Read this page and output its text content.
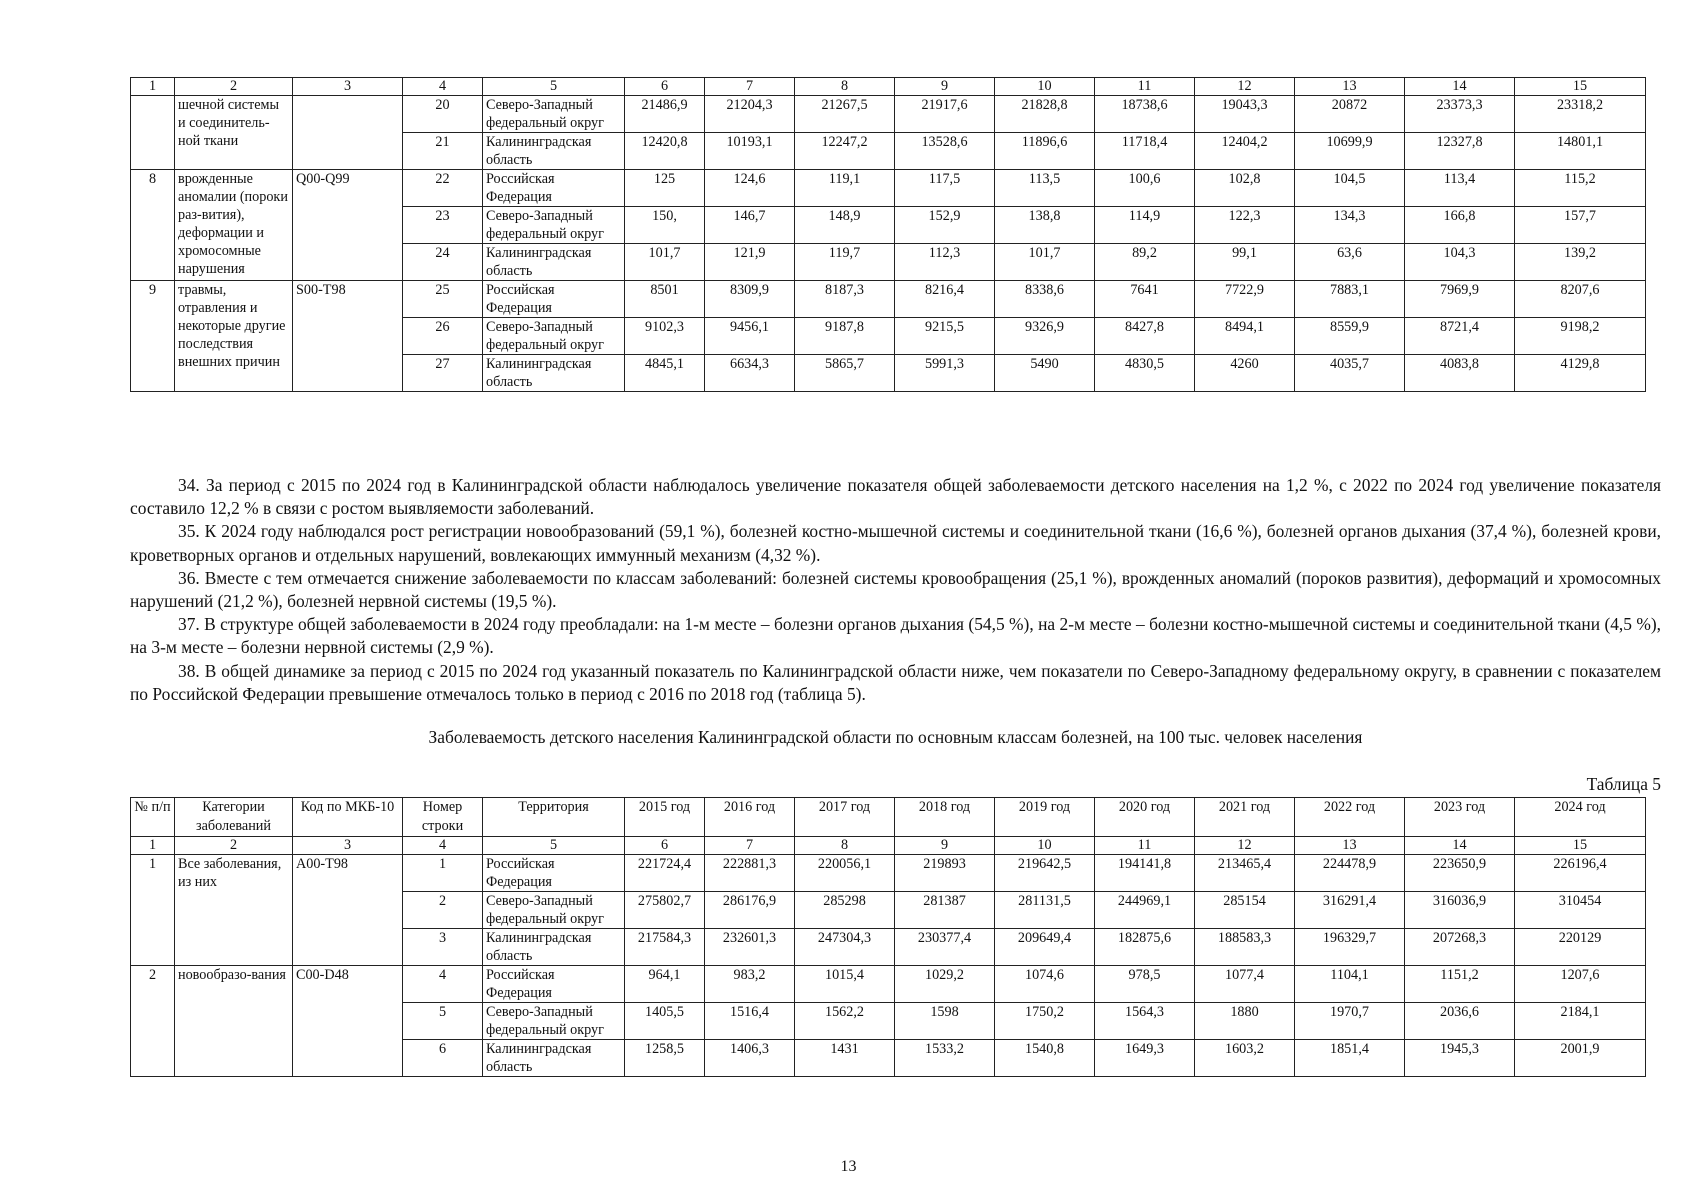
1	2	3	4	5	6	7	8	9	10	11	12	13	14	15
	шечной системы и соединитель-ной ткани		20	Северо-Западный федеральный округ	21486,9	21204,3	21267,5	21917,6	21828,8	18738,6	19043,3	20872	23373,3	23318,2
			21	Калининградская область	12420,8	10193,1	12247,2	13528,6	11896,6	11718,4	12404,2	10699,9	12327,8	14801,1
8	врожденные аномалии (пороки раз-вития), деформации и хромосомные нарушения	Q00-Q99	22	Российская Федерация	125	124,6	119,1	117,5	113,5	100,6	102,8	104,5	113,4	115,2
			23	Северо-Западный федеральный округ	150,	146,7	148,9	152,9	138,8	114,9	122,3	134,3	166,8	157,7
			24	Калининградская область	101,7	121,9	119,7	112,3	101,7	89,2	99,1	63,6	104,3	139,2
9	травмы, отравления и некоторые другие последствия внешних причин	S00-T98	25	Российская Федерация	8501	8309,9	8187,3	8216,4	8338,6	7641	7722,9	7883,1	7969,9	8207,6
			26	Северо-Западный федеральный округ	9102,3	9456,1	9187,8	9215,5	9326,9	8427,8	8494,1	8559,9	8721,4	9198,2
			27	Калининградская область	4845,1	6634,3	5865,7	5991,3	5490	4830,5	4260	4035,7	4083,8	4129,8

34. За период с 2015 по 2024 год в Калининградской области наблюдалось увеличение показателя общей заболеваемости детского населения на 1,2 %, с 2022 по 2024 год увеличение показателя составило 12,2 % в связи с ростом выявляемости заболеваний.

35. К 2024 году наблюдался рост регистрации новообразований (59,1 %), болезней костно-мышечной системы и соединительной ткани (16,6 %), болезней органов дыхания (37,4 %), болезней крови, кроветворных органов и отдельных нарушений, вовлекающих иммунный механизм (4,32 %).

36. Вместе с тем отмечается снижение заболеваемости по классам заболеваний: болезней системы кровообращения (25,1 %), врожденных аномалий (пороков развития), деформаций и хромосомных нарушений (21,2 %), болезней нервной системы (19,5 %).

37. В структуре общей заболеваемости в 2024 году преобладали: на 1-м месте – болезни органов дыхания (54,5 %), на 2-м месте – болезни костно-мышечной системы и соединительной ткани (4,5 %), на 3-м месте – болезни нервной системы (2,9 %).

38. В общей динамике за период с 2015 по 2024 год указанный показатель по Калининградской области ниже, чем показатели по Северо-Западному федеральному округу, в сравнении с показателем по Российской Федерации превышение отмечалось только в период с 2016 по 2018 год (таблица 5).

Заболеваемость детского населения Калининградской области по основным классам болезней, на 100 тыс. человек населения
Таблица 5
№ п/п	Категории заболеваний	Код по МКБ-10	Номер строки	Территория	2015 год	2016 год	2017 год	2018 год	2019 год	2020 год	2021 год	2022 год	2023 год	2024 год
1	2	3	4	5	6	7	8	9	10	11	12	13	14	15
1	Все заболевания, из них	A00-T98	1	Российская Федерация	221724,4	222881,3	220056,1	219893	219642,5	194141,8	213465,4	224478,9	223650,9	226196,4
			2	Северо-Западный федеральный округ	275802,7	286176,9	285298	281387	281131,5	244969,1	285154	316291,4	316036,9	310454
			3	Калининградская область	217584,3	232601,3	247304,3	230377,4	209649,4	182875,6	188583,3	196329,7	207268,3	220129
2	новообразо-вания	C00-D48	4	Российская Федерация	964,1	983,2	1015,4	1029,2	1074,6	978,5	1077,4	1104,1	1151,2	1207,6
			5	Северо-Западный федеральный округ	1405,5	1516,4	1562,2	1598	1750,2	1564,3	1880	1970,7	2036,6	2184,1
			6	Калининградская область	1258,5	1406,3	1431	1533,2	1540,8	1649,3	1603,2	1851,4	1945,3	2001,9
13
